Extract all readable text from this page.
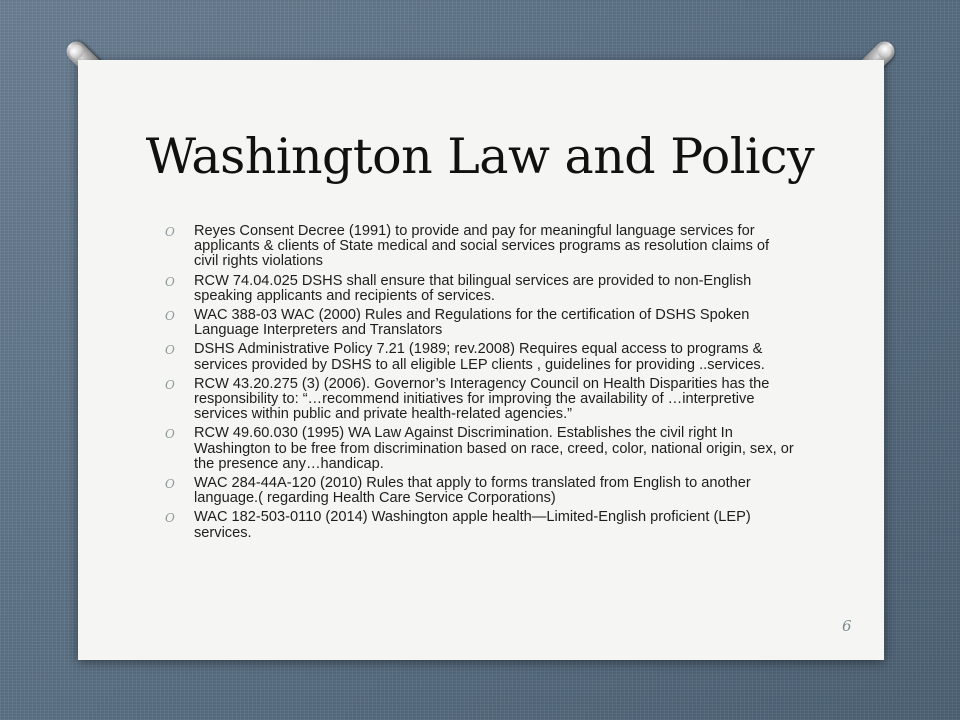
Washington Law and Policy
O Reyes Consent Decree (1991) to provide and pay for meaningful language services for applicants & clients of State medical and social services programs as resolution claims of civil rights violations
O RCW 74.04.025 DSHS shall ensure that bilingual services are provided to non-English speaking applicants and recipients of services.
O WAC 388-03 WAC (2000) Rules and Regulations for the certification of DSHS Spoken Language Interpreters and Translators
O DSHS Administrative Policy 7.21 (1989; rev.2008) Requires equal access to programs & services provided by DSHS to all eligible LEP clients , guidelines for providing ..services.
O RCW 43.20.275 (3) (2006). Governor’s Interagency Council on Health Disparities has the responsibility to: “…recommend initiatives for improving the availability of …interpretive services within public and private health-related agencies.”
O RCW 49.60.030 (1995) WA Law Against Discrimination. Establishes the civil right In Washington to be free from discrimination based on race, creed, color, national origin, sex, or the presence any…handicap.
O WAC 284-44A-120 (2010) Rules that apply to forms translated from English to another language.( regarding Health Care Service Corporations)
O WAC 182-503-0110 (2014) Washington apple health—Limited-English proficient (LEP) services.
6
